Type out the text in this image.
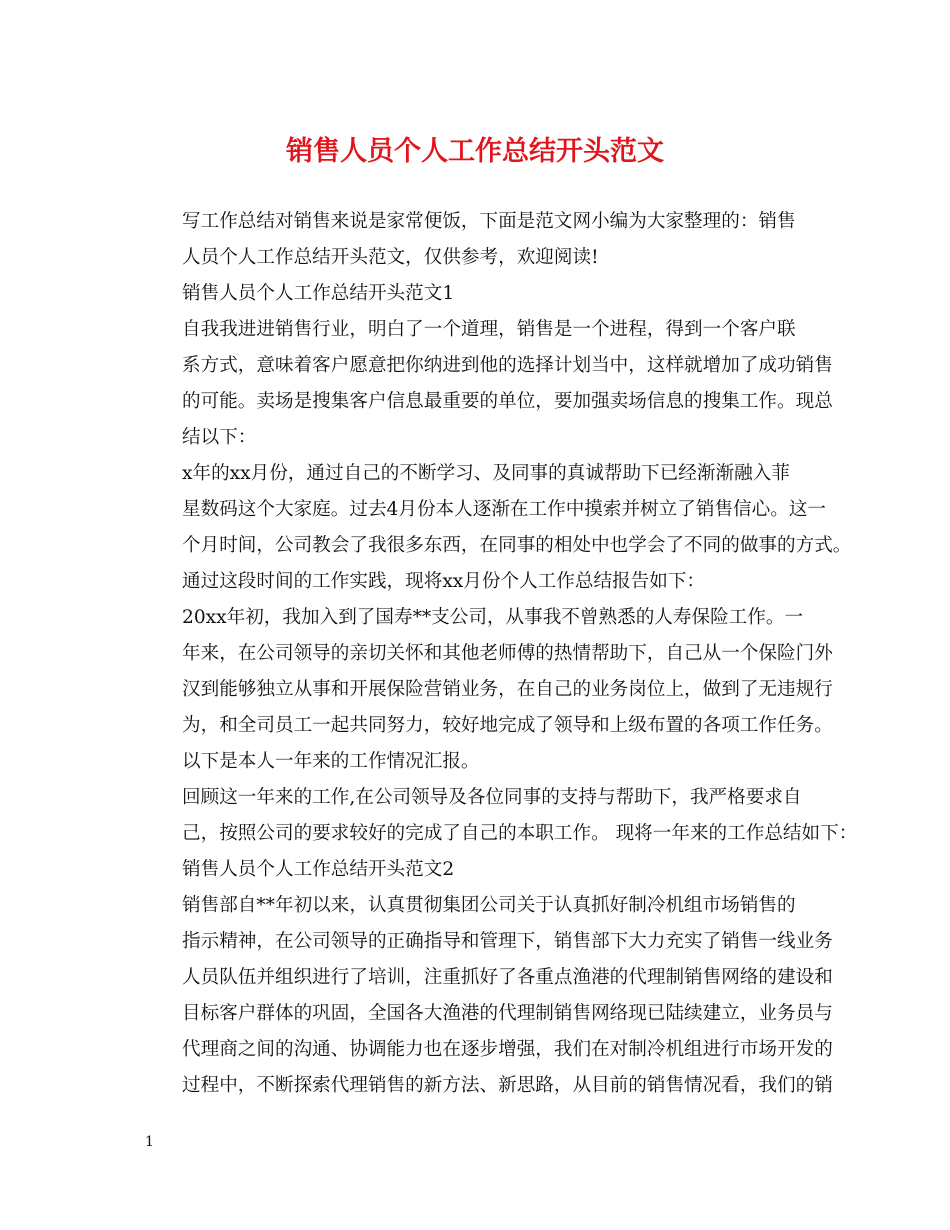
销售人员个人工作总结开头范文

写工作总结对销售来说是家常便饭，下面是范文网小编为大家整理的：销售
人员个人工作总结开头范文，仅供参考，欢迎阅读!

销售人员个人工作总结开头范文1

自我我进进销售行业，明白了一个道理，销售是一个进程，得到一个客户联
系方式，意味着客户愿意把你纳进到他的选择计划当中，这样就增加了成功销售
的可能。卖场是搜集客户信息最重要的单位，要加强卖场信息的搜集工作。现总
结以下：

x年的xx月份，通过自己的不断学习、及同事的真诚帮助下已经渐渐融入菲
星数码这个大家庭。过去4月份本人逐渐在工作中摸索并树立了销售信心。这一
个月时间，公司教会了我很多东西，在同事的相处中也学会了不同的做事的方式。
通过这段时间的工作实践，现将xx月份个人工作总结报告如下：

20xx年初，我加入到了国寿**支公司，从事我不曾熟悉的人寿保险工作。一
年来，在公司领导的亲切关怀和其他老师傅的热情帮助下，自己从一个保险门外
汉到能够独立从事和开展保险营销业务，在自己的业务岗位上，做到了无违规行
为，和全司员工一起共同努力，较好地完成了领导和上级布置的各项工作任务。
以下是本人一年来的工作情况汇报。

回顾这一年来的工作,在公司领导及各位同事的支持与帮助下，我严格要求自
己，按照公司的要求较好的完成了自己的本职工作。 现将一年来的工作总结如下：

销售人员个人工作总结开头范文2

销售部自**年初以来，认真贯彻集团公司关于认真抓好制冷机组市场销售的
指示精神，在公司领导的正确指导和管理下，销售部下大力充实了销售一线业务
人员队伍并组织进行了培训，注重抓好了各重点渔港的代理制销售网络的建设和
目标客户群体的巩固，全国各大渔港的代理制销售网络现已陆续建立，业务员与
代理商之间的沟通、协调能力也在逐步增强，我们在对制冷机组进行市场开发的
过程中，不断探索代理销售的新方法、新思路，从目前的销售情况看，我们的销

1
